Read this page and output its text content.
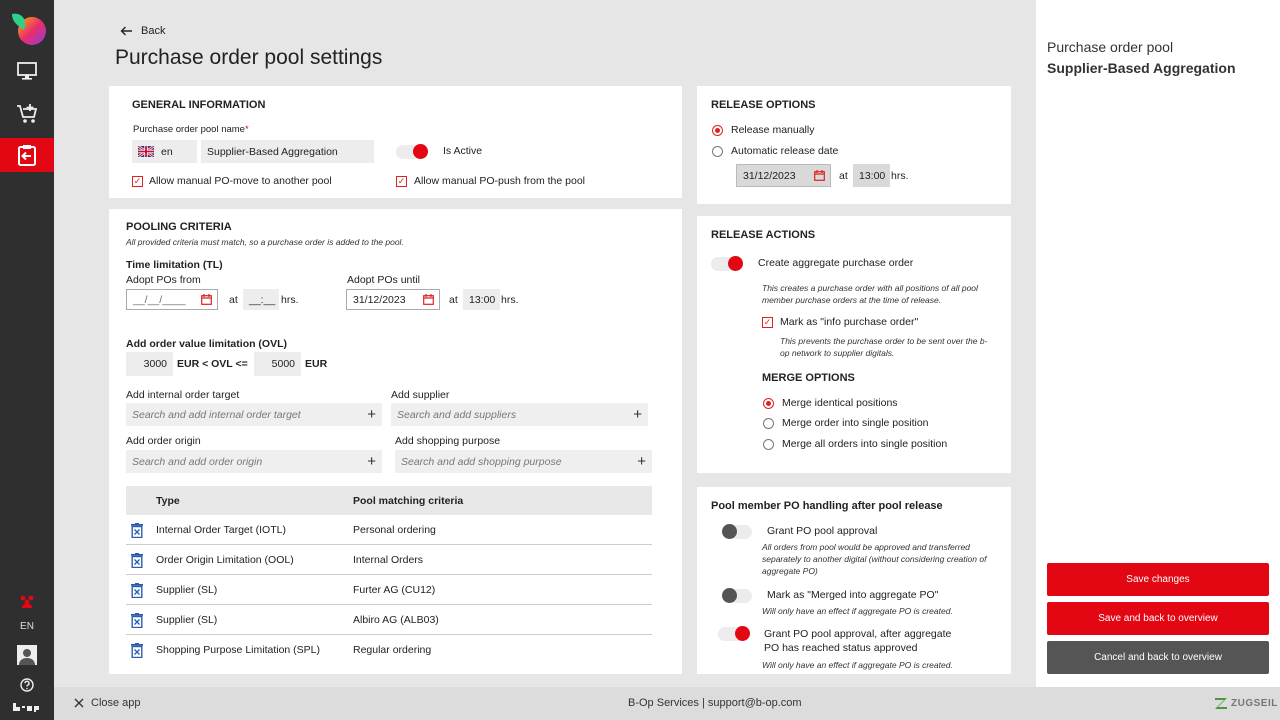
EN
Back
Purchase order pool settings
GENERAL INFORMATION
Purchase order pool name*
en	Supplier-Based Aggregation	Is Active
✓ Allow manual PO-move to another pool	✓ Allow manual PO-push from the pool
POOLING CRITERIA
All provided criteria must match, so a purchase order is added to the pool.
Time limitation (TL)
Adopt POs from
__/__/____	at	__:__ hrs.
Adopt POs until
31/12/2023	at	13:00 hrs.
Add order value limitation (OVL)
3000 EUR < OVL <=	5000 EUR
Add internal order target
Search and add internal order target	+
Add supplier
Search and add suppliers	+
Add order origin
Search and add order origin	+
Add shopping purpose
Search and add shopping purpose	+
Type	Pool matching criteria
Internal Order Target (IOTL)	Personal ordering
Order Origin Limitation (OOL)	Internal Orders
Supplier (SL)	Furter AG (CU12)
Supplier (SL)	Albiro AG (ALB03)
Shopping Purpose Limitation (SPL)	Regular ordering
RELEASE OPTIONS
Release manually
Automatic release date
31/12/2023	at	13:00 hrs.
RELEASE ACTIONS
Create aggregate purchase order
This creates a purchase order with all positions of all pool member purchase orders at the time of release.
✓ Mark as "info purchase order"
This prevents the purchase order to be sent over the b-op network to supplier digitals.
MERGE OPTIONS
Merge identical positions
Merge order into single position
Merge all orders into single position
Pool member PO handling after pool release
Grant PO pool approval
All orders from pool would be approved and transferred separately to another digital (without considering creation of aggregate PO)
Mark as "Merged into aggregate PO"
Will only have an effect if aggregate PO is created.
Grant PO pool approval, after aggregate PO has reached status approved
Will only have an effect if aggregate PO is created.
Purchase order pool
Supplier-Based Aggregation
Save changes
Save and back to overview
Cancel and back to overview
Close app	B-Op Services | support@b-op.com	ZUGSEIL
